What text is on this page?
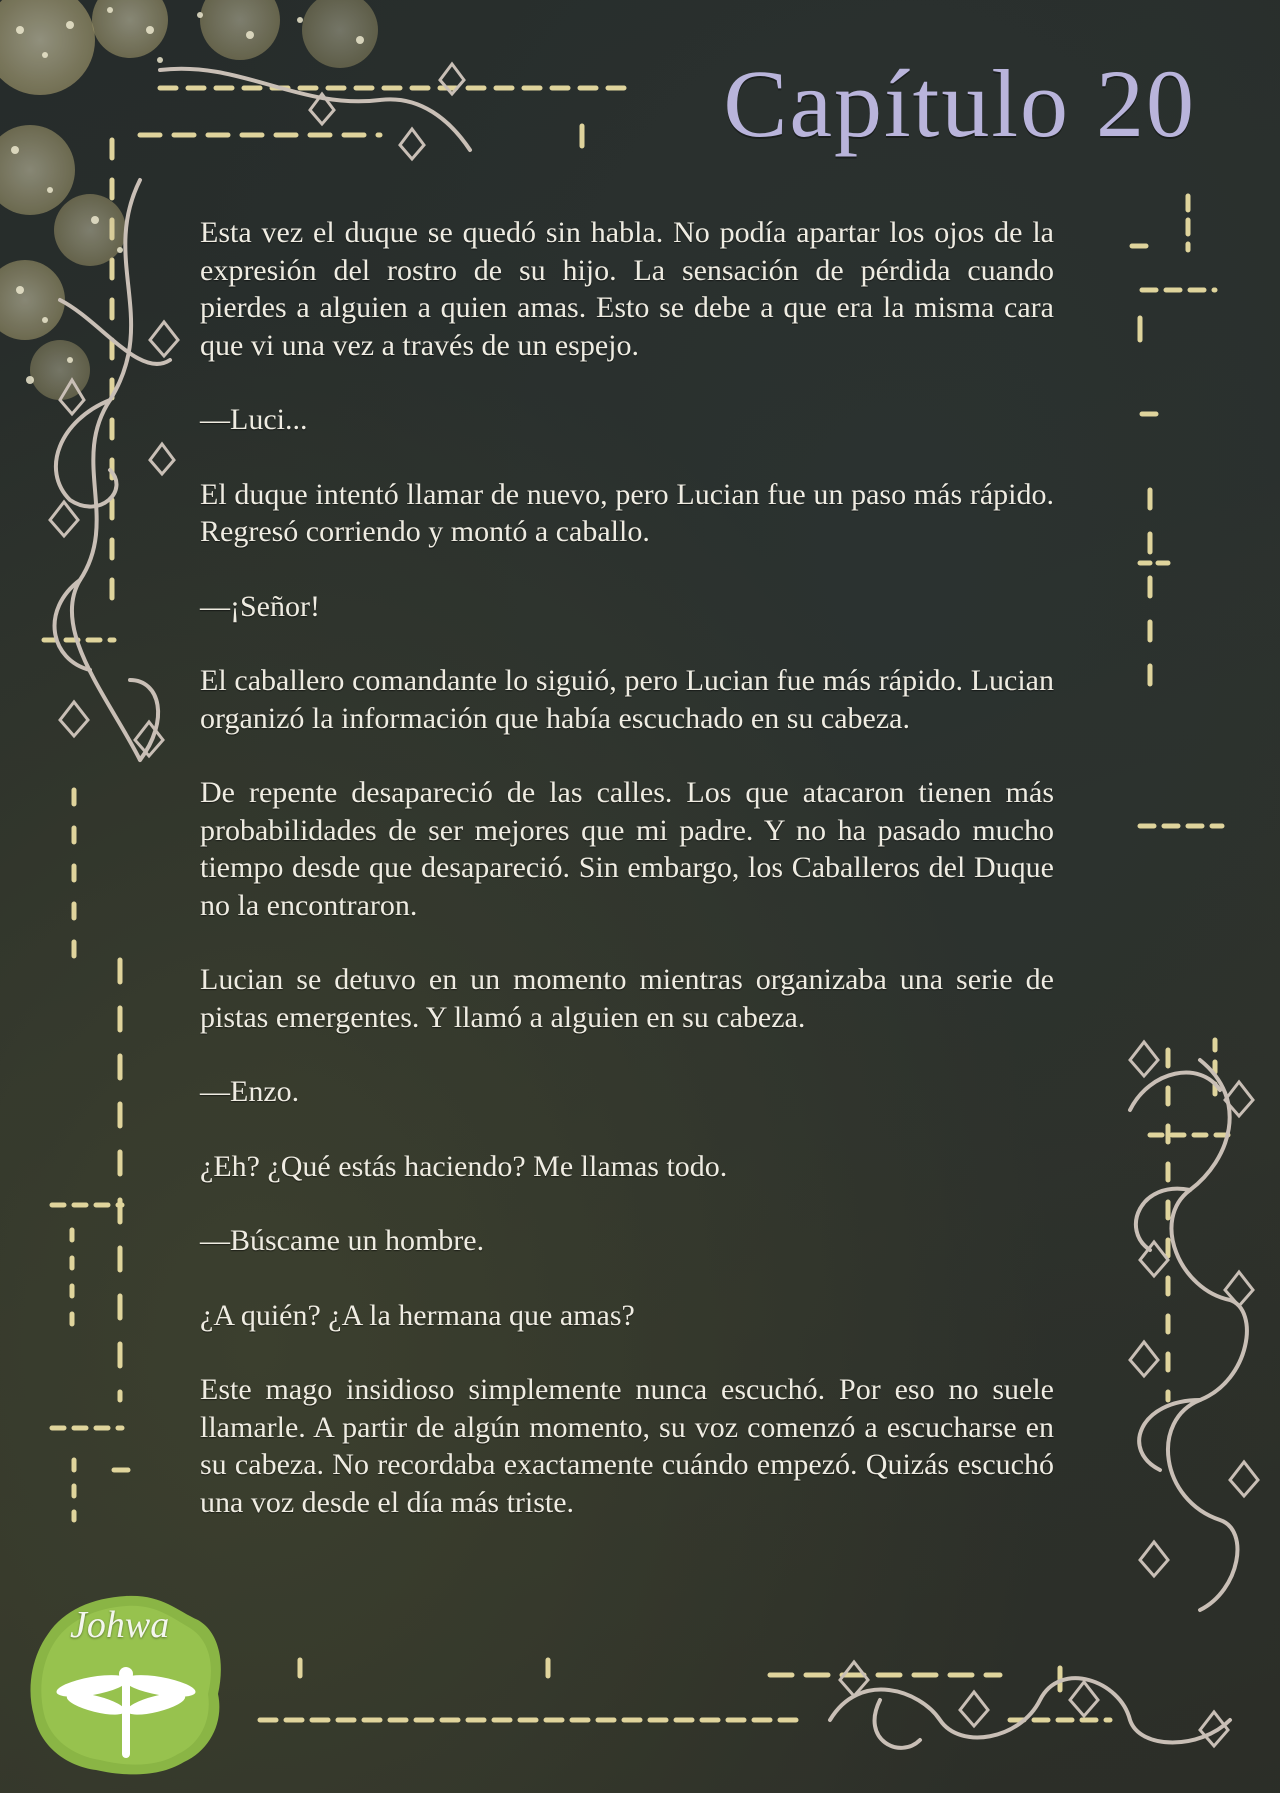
Capítulo 20

Esta vez el duque se quedó sin habla. No podía apartar los ojos de la expresión del rostro de su hijo. La sensación de pérdida cuando pierdes a alguien a quien amas. Esto se debe a que era la misma cara que vi una vez a través de un espejo.

—Luci...

El duque intentó llamar de nuevo, pero Lucian fue un paso más rápido. Regresó corriendo y montó a caballo.

—¡Señor!

El caballero comandante lo siguió, pero Lucian fue más rápido. Lucian organizó la información que había escuchado en su cabeza.

De repente desapareció de las calles. Los que atacaron tienen más probabilidades de ser mejores que mi padre. Y no ha pasado mucho tiempo desde que desapareció. Sin embargo, los Caballeros del Duque no la encontraron.

Lucian se detuvo en un momento mientras organizaba una serie de pistas emergentes. Y llamó a alguien en su cabeza.

—Enzo.

¿Eh? ¿Qué estás haciendo? Me llamas todo.

—Búscame un hombre.

¿A quién? ¿A la hermana que amas?

Este mago insidioso simplemente nunca escuchó. Por eso no suele llamarle. A partir de algún momento, su voz comenzó a escucharse en su cabeza. No recordaba exactamente cuándo empezó. Quizás escuchó una voz desde el día más triste.

Johwa
